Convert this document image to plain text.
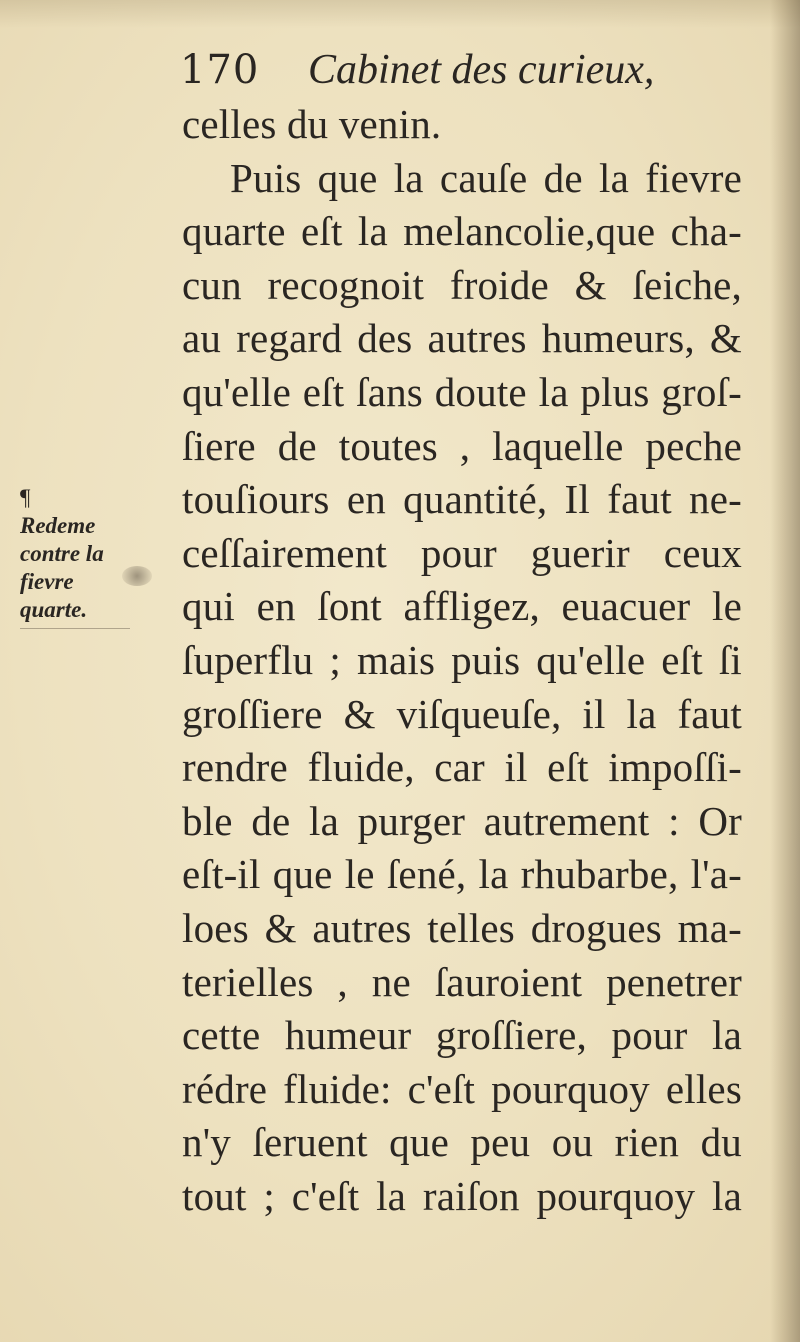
170 Cabinet des curieux,
¶
Redeme
contre la
fievre
quarte.
celles du venin.
Puis que la cauſe de la fievre
quarte eſt la melancolie,que cha-
cun recognoit froide & ſeiche,
au regard des autres humeurs, &
qu'elle eſt ſans doute la plus groſ-
ſiere de toutes , laquelle peche
touſiours en quantité, Il faut ne-
ceſſairement pour guerir ceux
qui en ſont affligez, euacuer le
ſuperflu ; mais puis qu'elle eſt ſi
groſſiere & viſqueuſe, il la faut
rendre fluide, car il eſt impoſſi-
ble de la purger autrement : Or
eſt-il que le ſené, la rhubarbe, l'a-
loes & autres telles drogues ma-
terielles , ne ſauroient penetrer
cette humeur groſſiere, pour la
rédre fluide: c'eſt pourquoy elles
n'y ſeruent que peu ou rien du
tout ; c'eſt la raiſon pourquoy la
